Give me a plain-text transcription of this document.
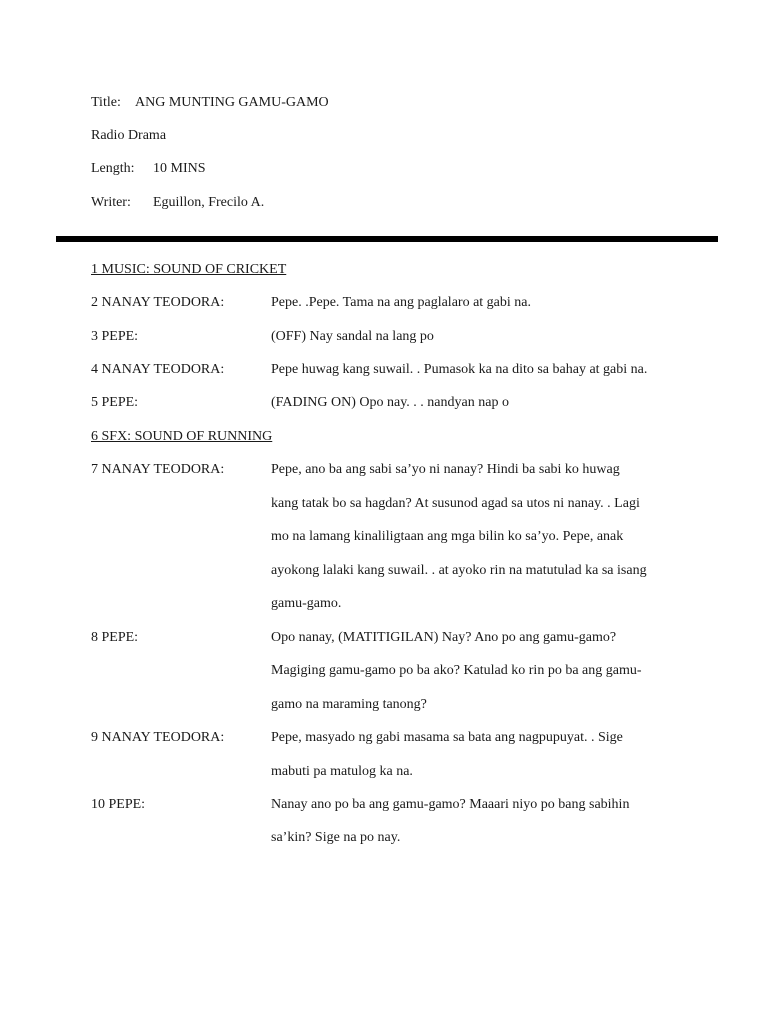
Title: ANG MUNTING GAMU-GAMO
Radio Drama
Length: 10 MINS
Writer: Eguillon, Frecilo A.
1 MUSIC: SOUND OF CRICKET
2 NANAY TEODORA:	Pepe. .Pepe. Tama na ang paglalaro at gabi na.
3 PEPE:	(OFF) Nay sandal na lang po
4 NANAY TEODORA:	Pepe huwag kang suwail. . Pumasok ka na dito sa bahay at gabi na.
5 PEPE:	(FADING ON) Opo nay. . . nandyan nap o
6 SFX: SOUND OF RUNNING
7 NANAY TEODORA:	Pepe, ano ba ang sabi sa’yo ni nanay? Hindi ba sabi ko huwag
kang tatak bo sa hagdan? At susunod agad sa utos ni nanay. . Lagi
mo na lamang kinaliligtaan ang mga bilin ko sa’yo. Pepe, anak
ayokong lalaki kang suwail. . at ayoko rin na matutulad ka sa isang
gamu-gamo.
8 PEPE:	Opo nanay, (MATITIGILAN) Nay? Ano po ang gamu-gamo?
Magiging gamu-gamo po ba ako? Katulad ko rin po ba ang gamu-
gamo na maraming tanong?
9 NANAY TEODORA:	Pepe, masyado ng gabi masama sa bata ang nagpupuyat. . Sige
mabuti pa matulog ka na.
10 PEPE:	Nanay ano po ba ang gamu-gamo? Maaari niyo po bang sabihin
sa’kin? Sige na po nay.
